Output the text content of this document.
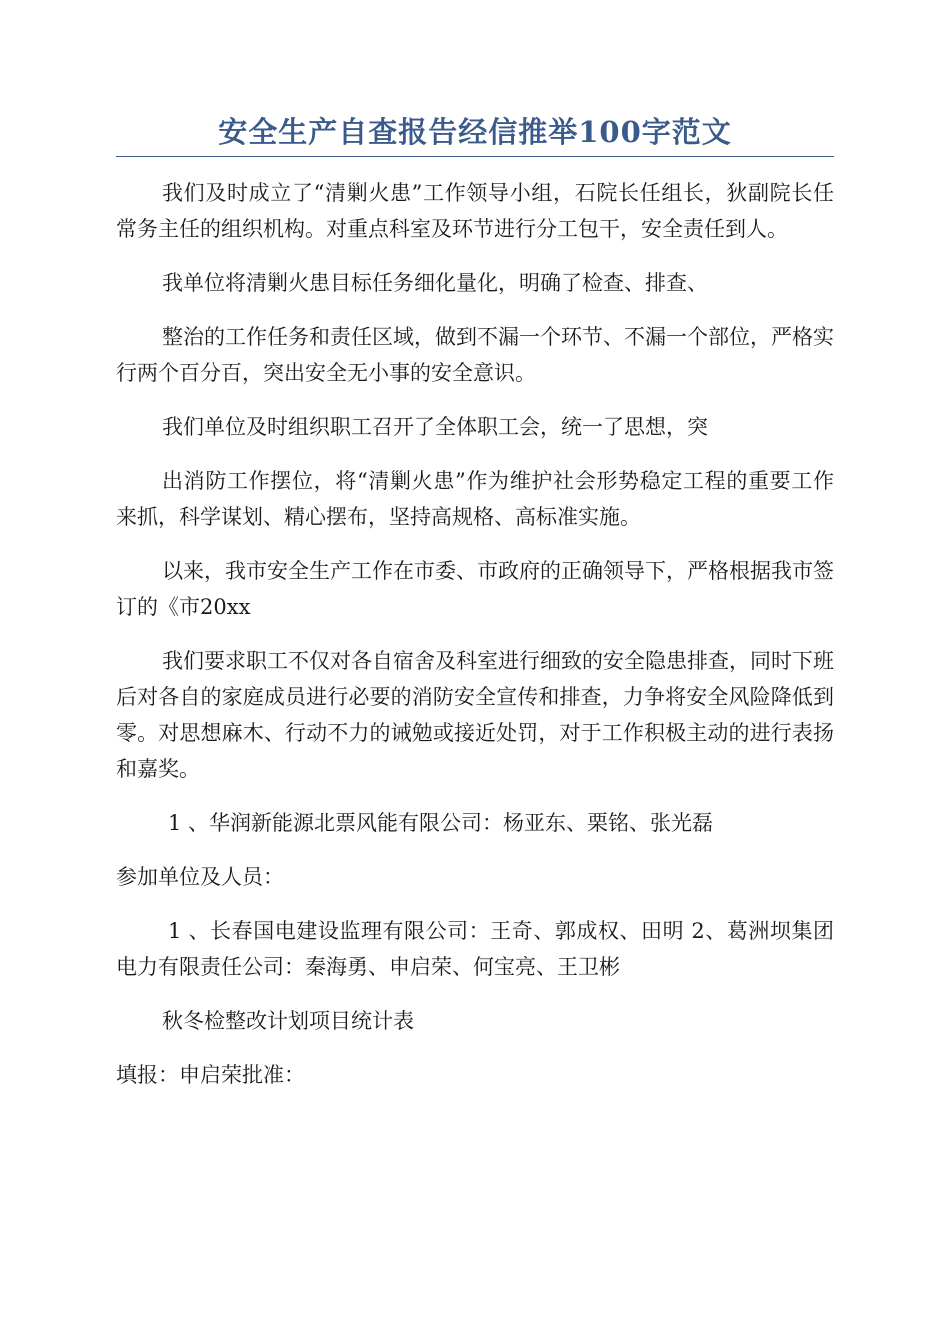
安全生产自查报告经信推举100字范文

我们及时成立了“清剿火患”工作领导小组，石院长任组长，狄副院长任常务主任的组织机构。对重点科室及环节进行分工包干，安全责任到人。

我单位将清剿火患目标任务细化量化，明确了检查、排查、

整治的工作任务和责任区域，做到不漏一个环节、不漏一个部位，严格实行两个百分百，突出安全无小事的安全意识。

我们单位及时组织职工召开了全体职工会，统一了思想，突

出消防工作摆位，将“清剿火患”作为维护社会形势稳定工程的重要工作来抓，科学谋划、精心摆布，坚持高规格、高标准实施。

以来，我市安全生产工作在市委、市政府的正确领导下，严格根据我市签订的《市20xx

我们要求职工不仅对各自宿舍及科室进行细致的安全隐患排查，同时下班后对各自的家庭成员进行必要的消防安全宣传和排查，力争将安全风险降低到零。对思想麻木、行动不力的诫勉或接近处罚，对于工作积极主动的进行表扬和嘉奖。

1 、华润新能源北票风能有限公司：杨亚东、栗铭、张光磊

参加单位及人员：

1 、长春国电建设监理有限公司：王奇、郭成权、田明 2、葛洲坝集团电力有限责任公司：秦海勇、申启荣、何宝亮、王卫彬

秋冬检整改计划项目统计表

填报：申启荣批准：
